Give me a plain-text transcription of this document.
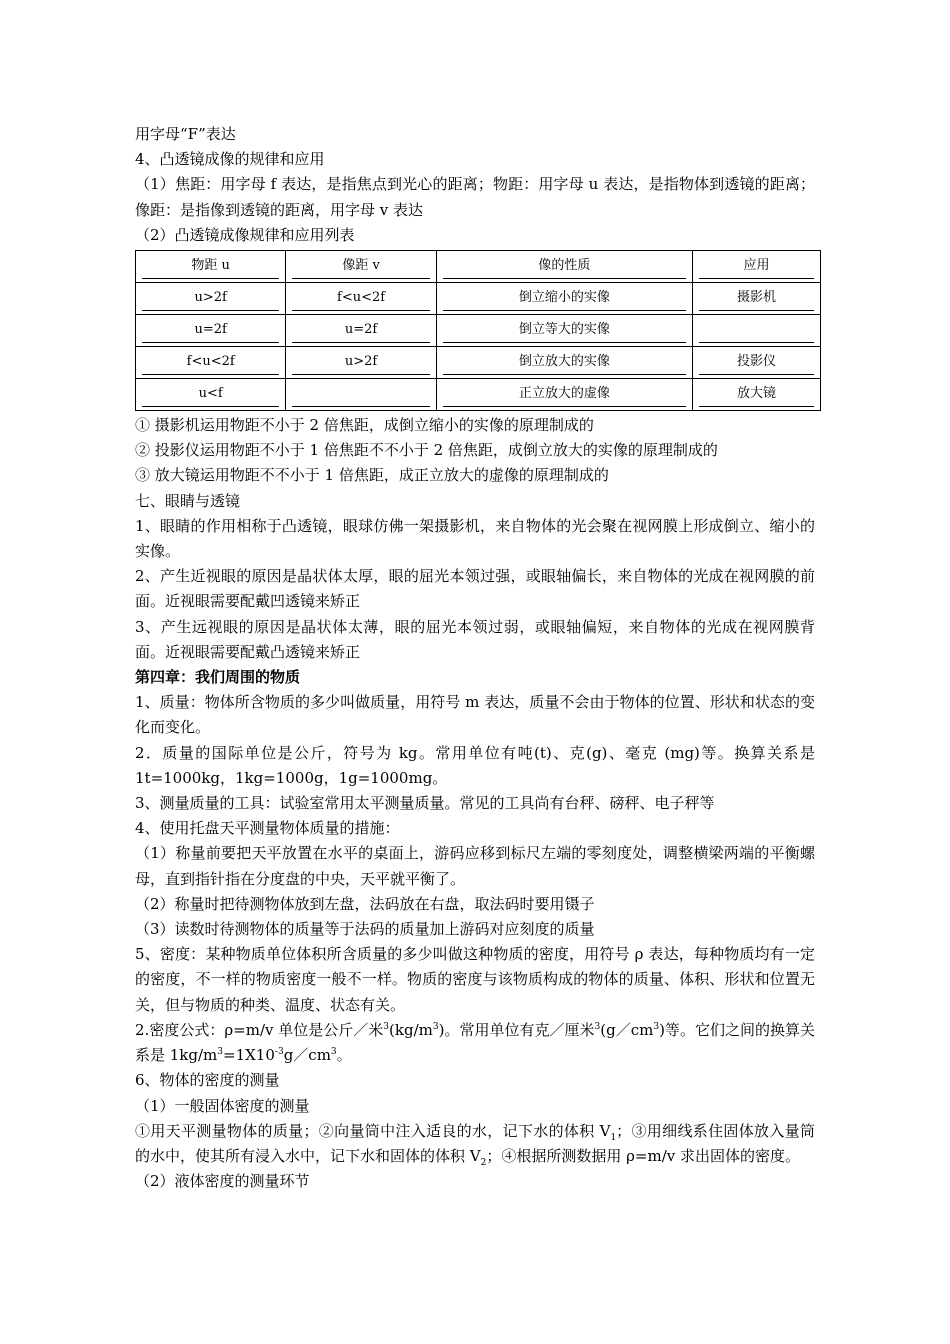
用字母“F”表达
4、凸透镜成像的规律和应用
（1）焦距：用字母 f 表达，是指焦点到光心的距离；物距：用字母 u 表达，是指物体到透镜的距离；像距：是指像到透镜的距离，用字母 v 表达
（2）凸透镜成像规律和应用列表
物距 u	像距 v	像的性质	应用

u>2f	f<u<2f	倒立缩小的实像	摄影机

u=2f	u=2f	倒立等大的实像	

f<u<2f	u>2f	倒立放大的实像	投影仪

u<f		正立放大的虚像	放大镜
① 摄影机运用物距不小于 2 倍焦距，成倒立缩小的实像的原理制成的
② 投影仪运用物距不小于 1 倍焦距不不小于 2 倍焦距，成倒立放大的实像的原理制成的
③ 放大镜运用物距不不小于 1 倍焦距，成正立放大的虚像的原理制成的
七、眼睛与透镜
1、眼睛的作用相称于凸透镜，眼球仿佛一架摄影机，来自物体的光会聚在视网膜上形成倒立、缩小的实像。
2、产生近视眼的原因是晶状体太厚，眼的屈光本领过强，或眼轴偏长，来自物体的光成在视网膜的前面。近视眼需要配戴凹透镜来矫正
3、产生远视眼的原因是晶状体太薄，眼的屈光本领过弱，或眼轴偏短，来自物体的光成在视网膜背面。近视眼需要配戴凸透镜来矫正
第四章：我们周围的物质
1、质量：物体所含物质的多少叫做质量，用符号 m 表达，质量不会由于物体的位置、形状和状态的变化而变化。
2．质量的国际单位是公斤，符号为 kg。常用单位有吨(t)、克(g)、毫克 (mg)等。换算关系是 1t=1000kg，1kg=1000g，1g=1000mg。
3、测量质量的工具：试验室常用太平测量质量。常见的工具尚有台秤、磅秤、电子秤等
4、使用托盘天平测量物体质量的措施：
（1）称量前要把天平放置在水平的桌面上，游码应移到标尺左端的零刻度处，调整横梁两端的平衡螺母，直到指针指在分度盘的中央，天平就平衡了。
（2）称量时把待测物体放到左盘，法码放在右盘，取法码时要用镊子
（3）读数时待测物体的质量等于法码的质量加上游码对应刻度的质量
5、密度：某种物质单位体积所含质量的多少叫做这种物质的密度，用符号 ρ 表达，每种物质均有一定的密度，不一样的物质密度一般不一样。物质的密度与该物质构成的物体的质量、体积、形状和位置无关，但与物质的种类、温度、状态有关。
2.密度公式：ρ=m/v 单位是公斤／米$^3(kg/m^3)$。常用单位有克／厘米$^3(g/cm^3)$等。它们之间的换算关系是 $1kg/m^3=1X10^{-3}g/cm^3$。
6、物体的密度的测量
（1）一般固体密度的测量
①用天平测量物体的质量；②向量筒中注入适良的水，记下水的体积 $V_1$；③用细线系住固体放入量筒的水中，使其所有浸入水中，记下水和固体的体积 $V_2$；④根据所测数据用 ρ=m/v 求出固体的密度。
（2）液体密度的测量环节
